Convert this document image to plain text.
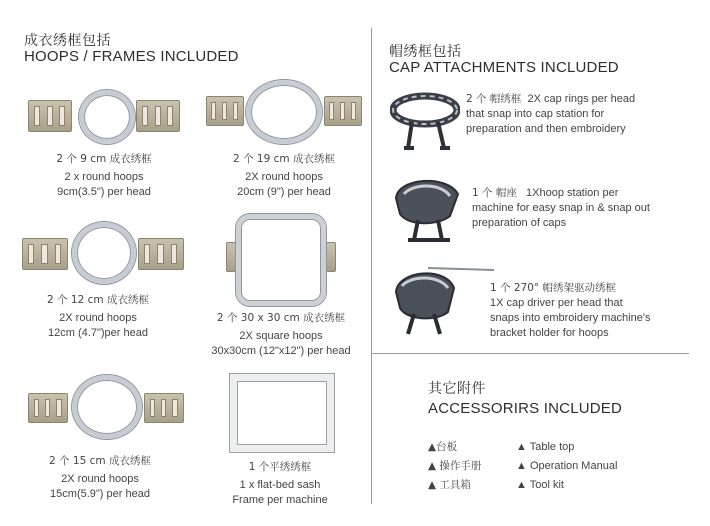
成衣绣框包括
HOOPS / FRAMES INCLUDED
2 个 9 cm 成衣绣框
2 x round hoops
9cm(3.5") per head
2 个 19 cm 成衣绣框
2X round hoops
20cm (9") per head
2 个 12 cm 成衣绣框
2X round hoops
12cm (4.7")per head
2 个 30 x 30 cm 成衣绣框
2X square hoops
30x30cm (12"x12") per head
2 个 15 cm 成衣绣框
2X round hoops
15cm(5.9") per head
1 个平绣绣框
1 x flat-bed sash
Frame per machine
帽绣框包括
CAP ATTACHMENTS INCLUDED
2 个 帽绣框 2X cap rings per head
that snap into cap station for
preparation and then embroidery
1 个 帽座 1Xhoop station per
machine for easy snap in & snap out
preparation of caps
1 个 270° 帽绣架驱动绣框
1X cap driver per head that
snaps into embroidery machine's
bracket holder for hoops
其它附件
ACCESSORIRS INCLUDED
▲台板
▲ 操作手册
▲ 工具箱
▲ Table top
▲ Operation Manual
▲ Tool kit
